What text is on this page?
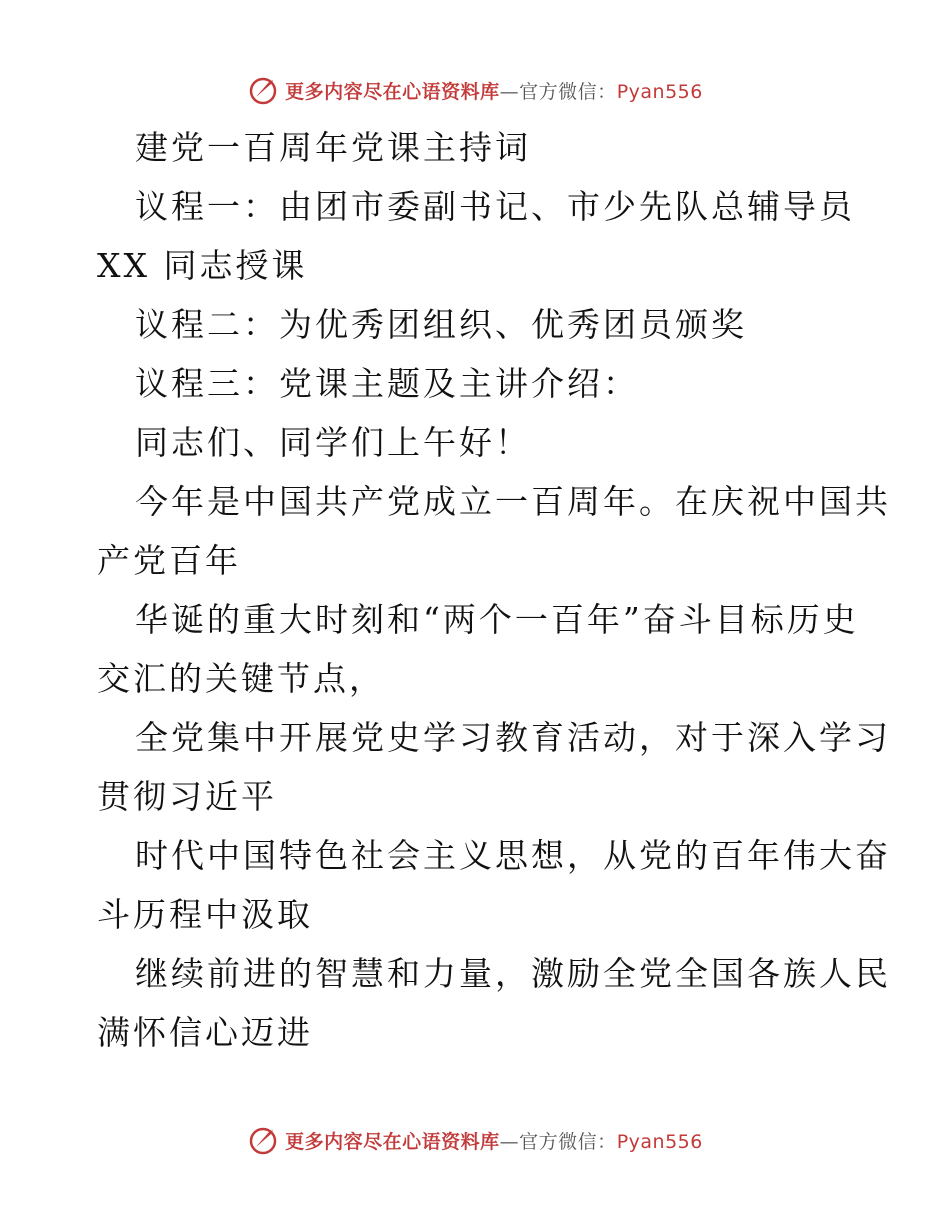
更多内容尽在心语资料库—官方微信：Pyan556
建党一百周年党课主持词
议程一：由团市委副书记、市少先队总辅导员
XX 同志授课
议程二：为优秀团组织、优秀团员颁奖
议程三：党课主题及主讲介绍：
同志们、同学们上午好！
今年是中国共产党成立一百周年。在庆祝中国共
产党百年
华诞的重大时刻和“两个一百年”奋斗目标历史
交汇的关键节点，
全党集中开展党史学习教育活动，对于深入学习
贯彻习近平
时代中国特色社会主义思想，从党的百年伟大奋
斗历程中汲取
继续前进的智慧和力量，激励全党全国各族人民
满怀信心迈进
更多内容尽在心语资料库—官方微信：Pyan556
